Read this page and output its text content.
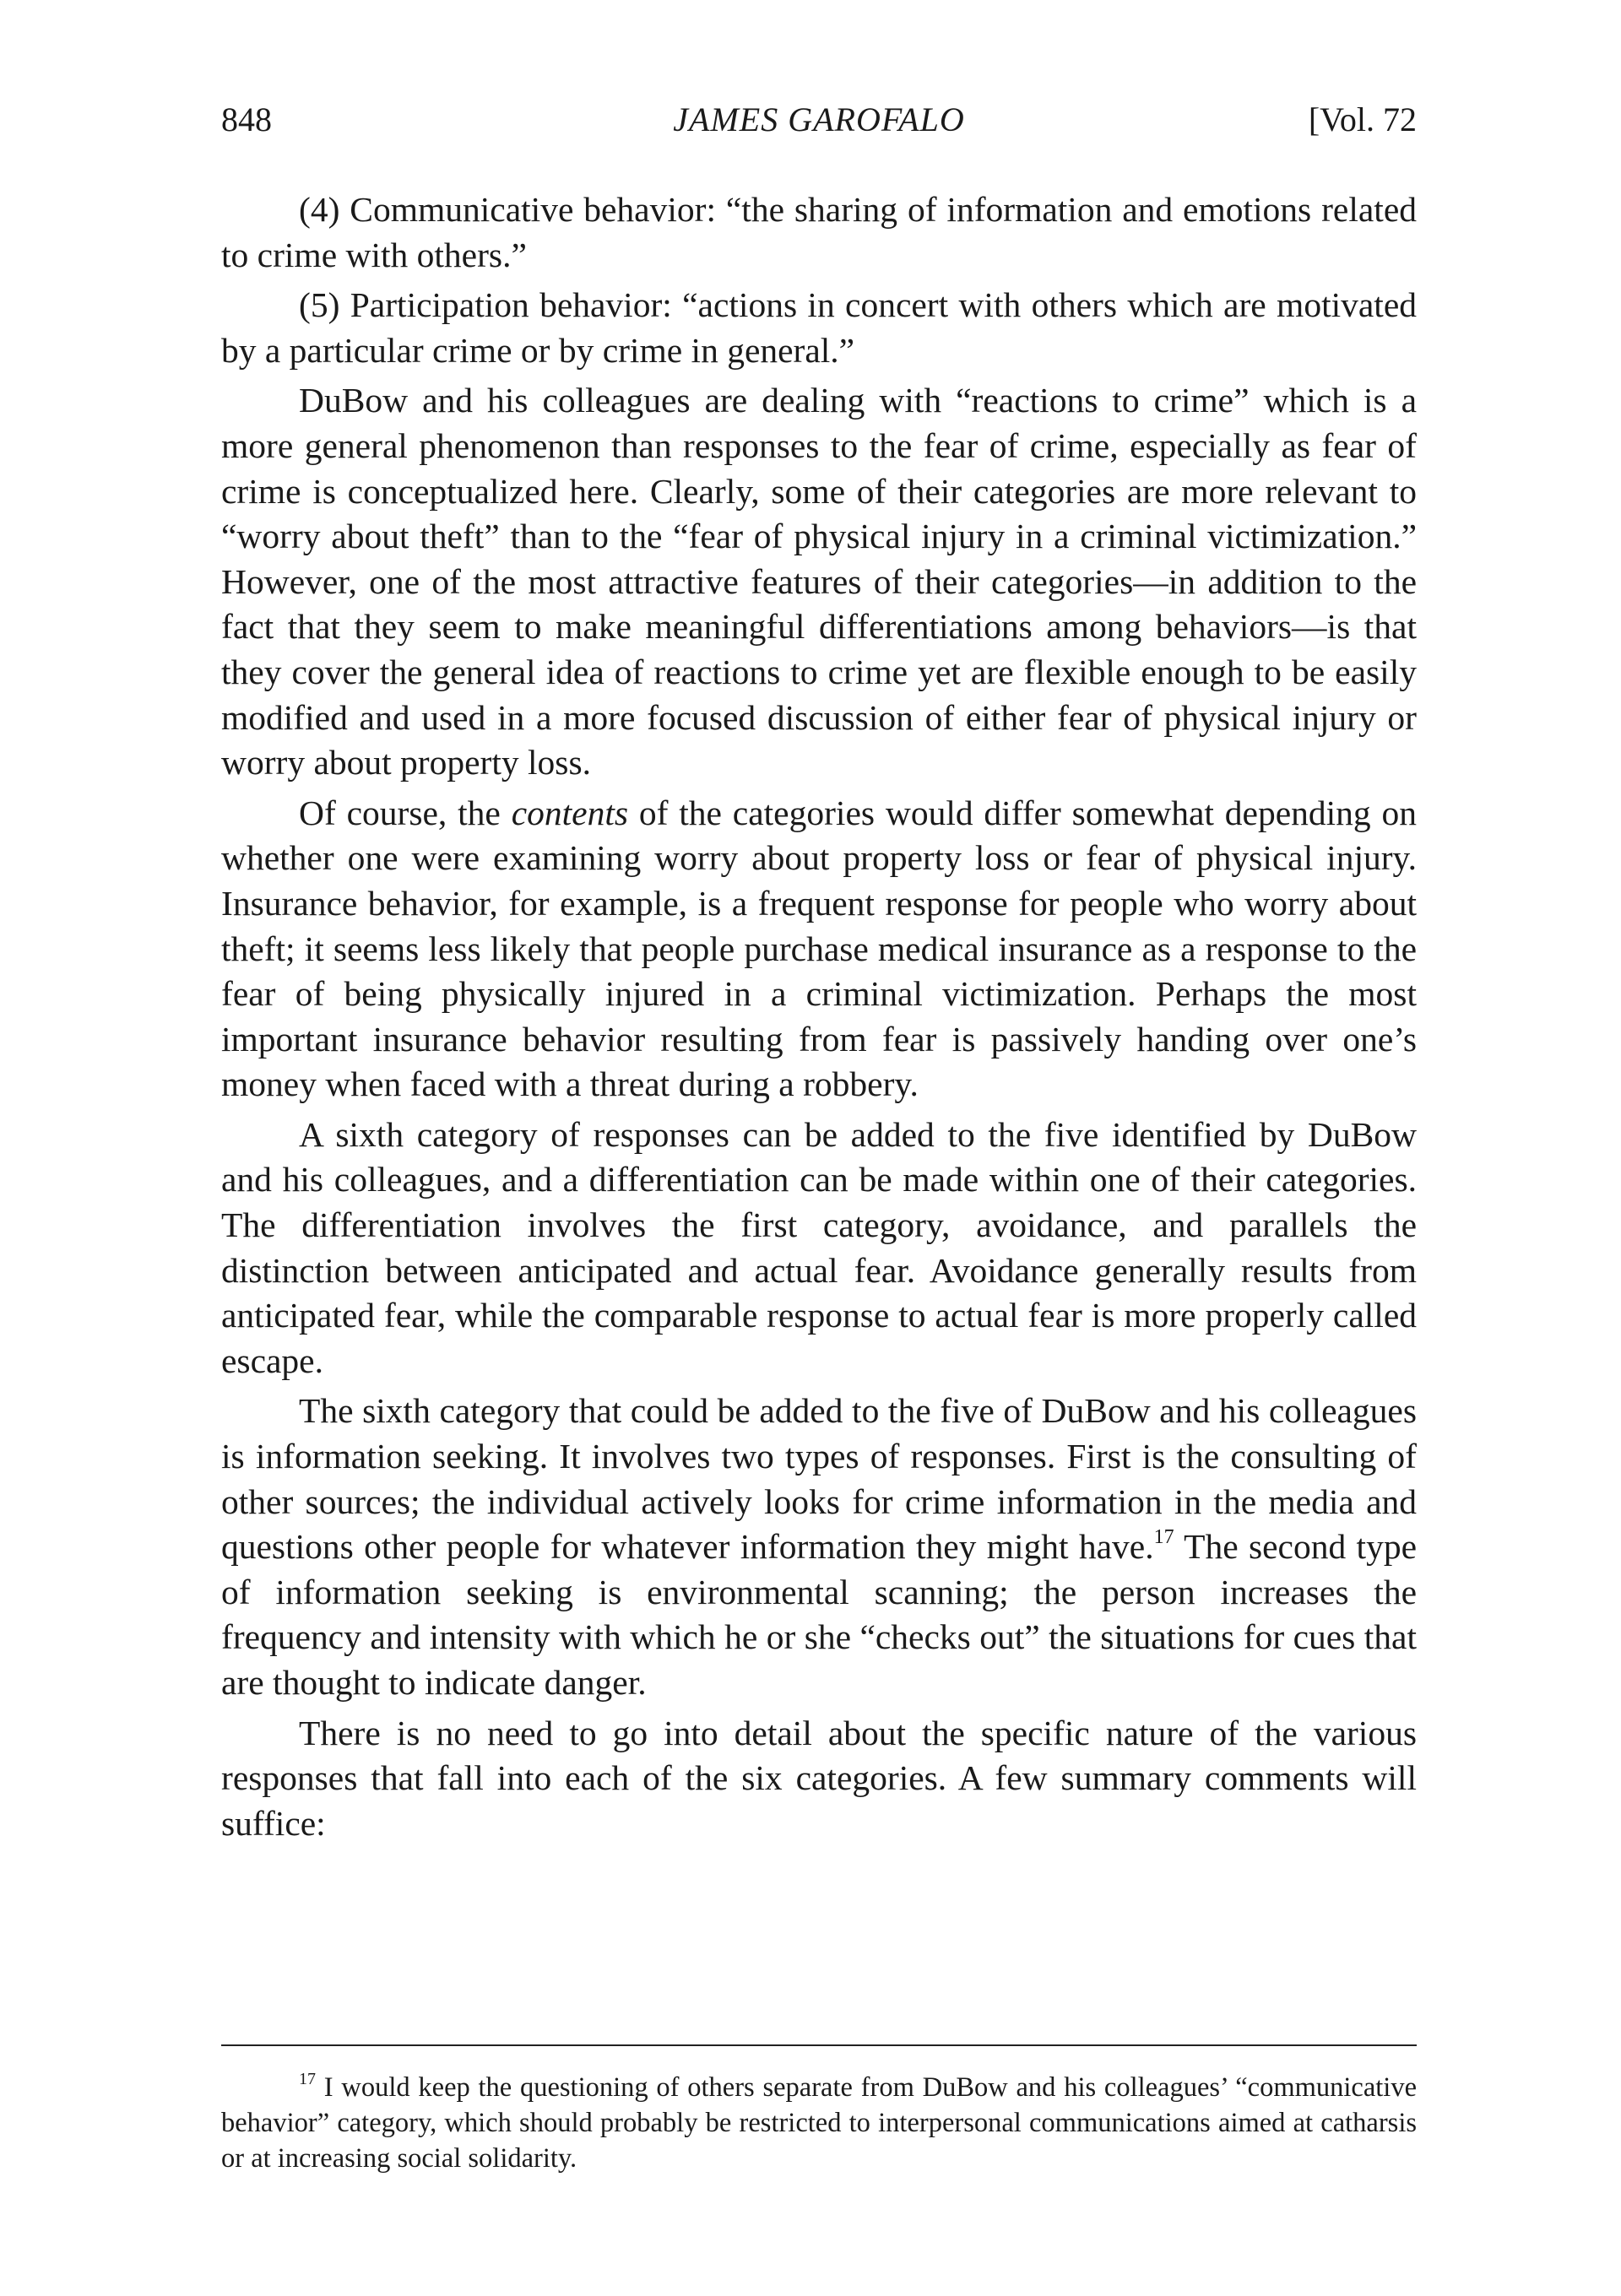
848	JAMES GAROFALO	[Vol. 72

(4) Communicative behavior: “the sharing of information and emotions related to crime with others.”

(5) Participation behavior: “actions in concert with others which are motivated by a particular crime or by crime in general.”

DuBow and his colleagues are dealing with “reactions to crime” which is a more general phenomenon than responses to the fear of crime, especially as fear of crime is conceptualized here. Clearly, some of their categories are more relevant to “worry about theft” than to the “fear of physical injury in a criminal victimization.” However, one of the most attractive features of their categories—in addition to the fact that they seem to make meaningful differentiations among behaviors—is that they cover the general idea of reactions to crime yet are flexible enough to be easily modified and used in a more focused discussion of either fear of physical injury or worry about property loss.

Of course, the contents of the categories would differ somewhat depending on whether one were examining worry about property loss or fear of physical injury. Insurance behavior, for example, is a frequent response for people who worry about theft; it seems less likely that people purchase medical insurance as a response to the fear of being physically injured in a criminal victimization. Perhaps the most important insurance behavior resulting from fear is passively handing over one’s money when faced with a threat during a robbery.

A sixth category of responses can be added to the five identified by DuBow and his colleagues, and a differentiation can be made within one of their categories. The differentiation involves the first category, avoidance, and parallels the distinction between anticipated and actual fear. Avoidance generally results from anticipated fear, while the comparable response to actual fear is more properly called escape.

The sixth category that could be added to the five of DuBow and his colleagues is information seeking. It involves two types of responses. First is the consulting of other sources; the individual actively looks for crime information in the media and questions other people for whatever information they might have.$^{17}$ The second type of information seeking is environmental scanning; the person increases the frequency and intensity with which he or she “checks out” the situations for cues that are thought to indicate danger.

There is no need to go into detail about the specific nature of the various responses that fall into each of the six categories. A few summary comments will suffice:

$^{17}$ I would keep the questioning of others separate from DuBow and his colleagues’ “communicative behavior” category, which should probably be restricted to interpersonal communications aimed at catharsis or at increasing social solidarity.
